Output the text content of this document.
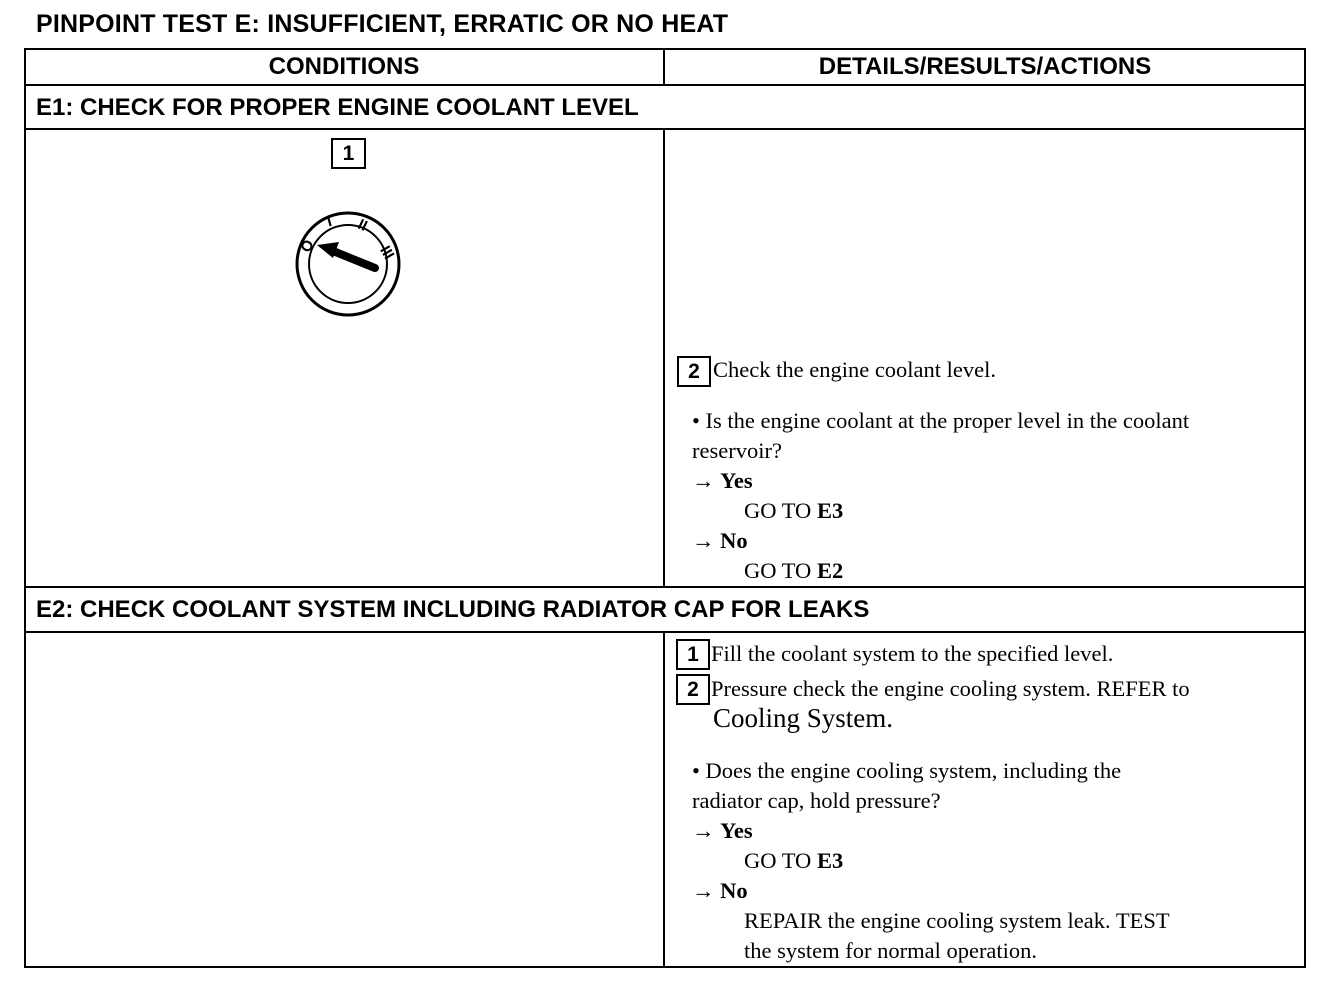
PINPOINT TEST E: INSUFFICIENT, ERRATIC OR NO HEAT
CONDITIONS	DETAILS/RESULTS/ACTIONS
E1: CHECK FOR PROPER ENGINE COOLANT LEVEL
1
O
I II
III
2 Check the engine coolant level.
• Is the engine coolant at the proper level in the coolant
reservoir?
→ Yes
GO TO E3
→ No
GO TO E2
E2: CHECK COOLANT SYSTEM INCLUDING RADIATOR CAP FOR LEAKS
1 Fill the coolant system to the specified level.
2 Pressure check the engine cooling system. REFER to
Cooling System.
• Does the engine cooling system, including the
radiator cap, hold pressure?
→ Yes
GO TO E3
→ No
REPAIR the engine cooling system leak. TEST
the system for normal operation.
